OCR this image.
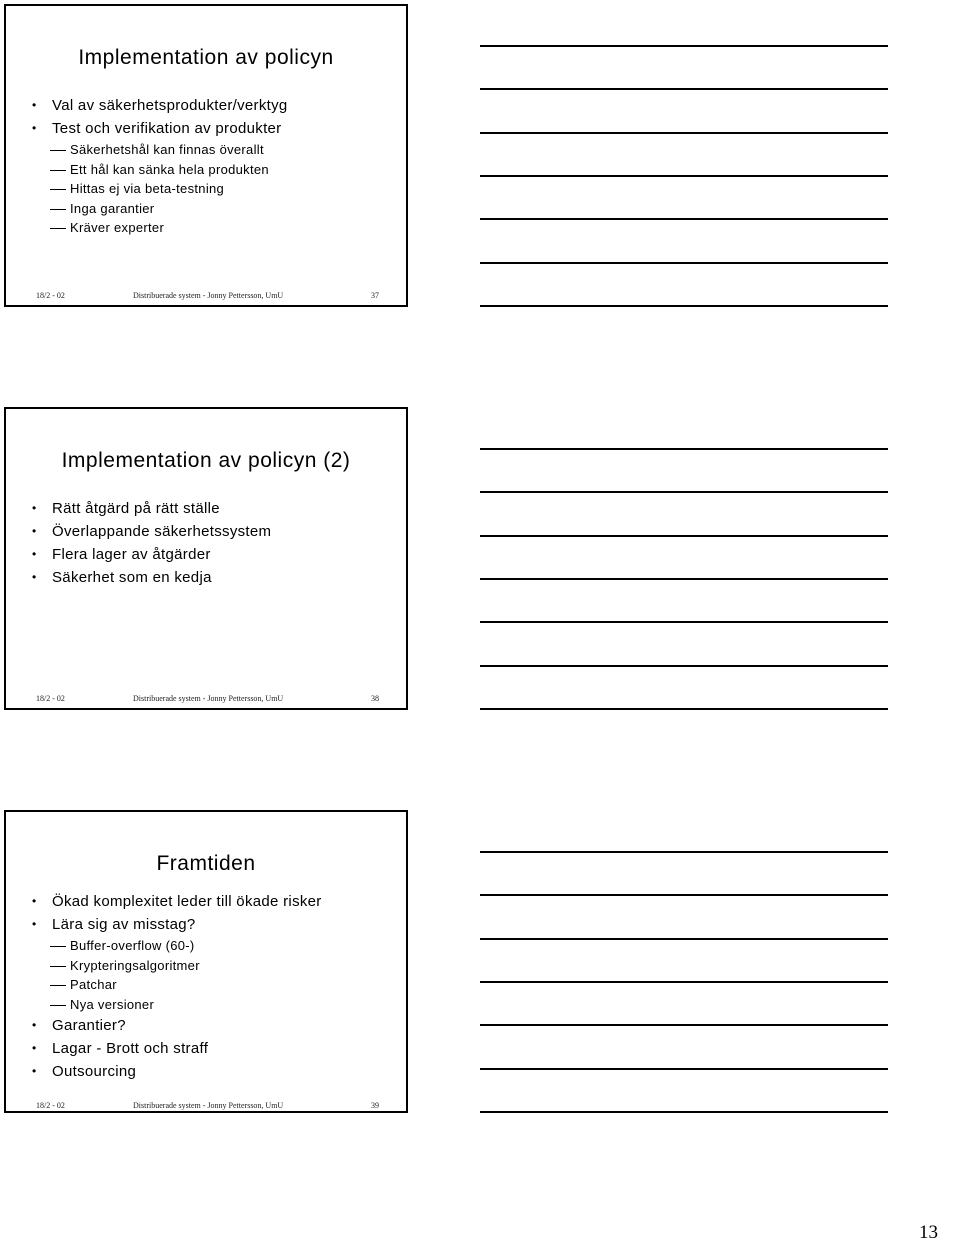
Implementation av policyn
• Val av säkerhetsprodukter/verktyg
• Test och verifikation av produkter
Säkerhetshål kan finnas överallt
Ett hål kan sänka hela produkten
Hittas ej via beta-testning
Inga garantier
Kräver experter
18/2 - 02	Distribuerade system - Jonny Pettersson, UmU	37
Implementation av policyn (2)
• Rätt åtgärd på rätt ställe
• Överlappande säkerhetssystem
• Flera lager av åtgärder
• Säkerhet som en kedja
18/2 - 02	Distribuerade system - Jonny Pettersson, UmU	38
Framtiden
• Ökad komplexitet leder till ökade risker
• Lära sig av misstag?
Buffer-overflow (60-)
Krypteringsalgoritmer
Patchar
Nya versioner
• Garantier?
• Lagar - Brott och straff
• Outsourcing
18/2 - 02	Distribuerade system - Jonny Pettersson, UmU	39
13
